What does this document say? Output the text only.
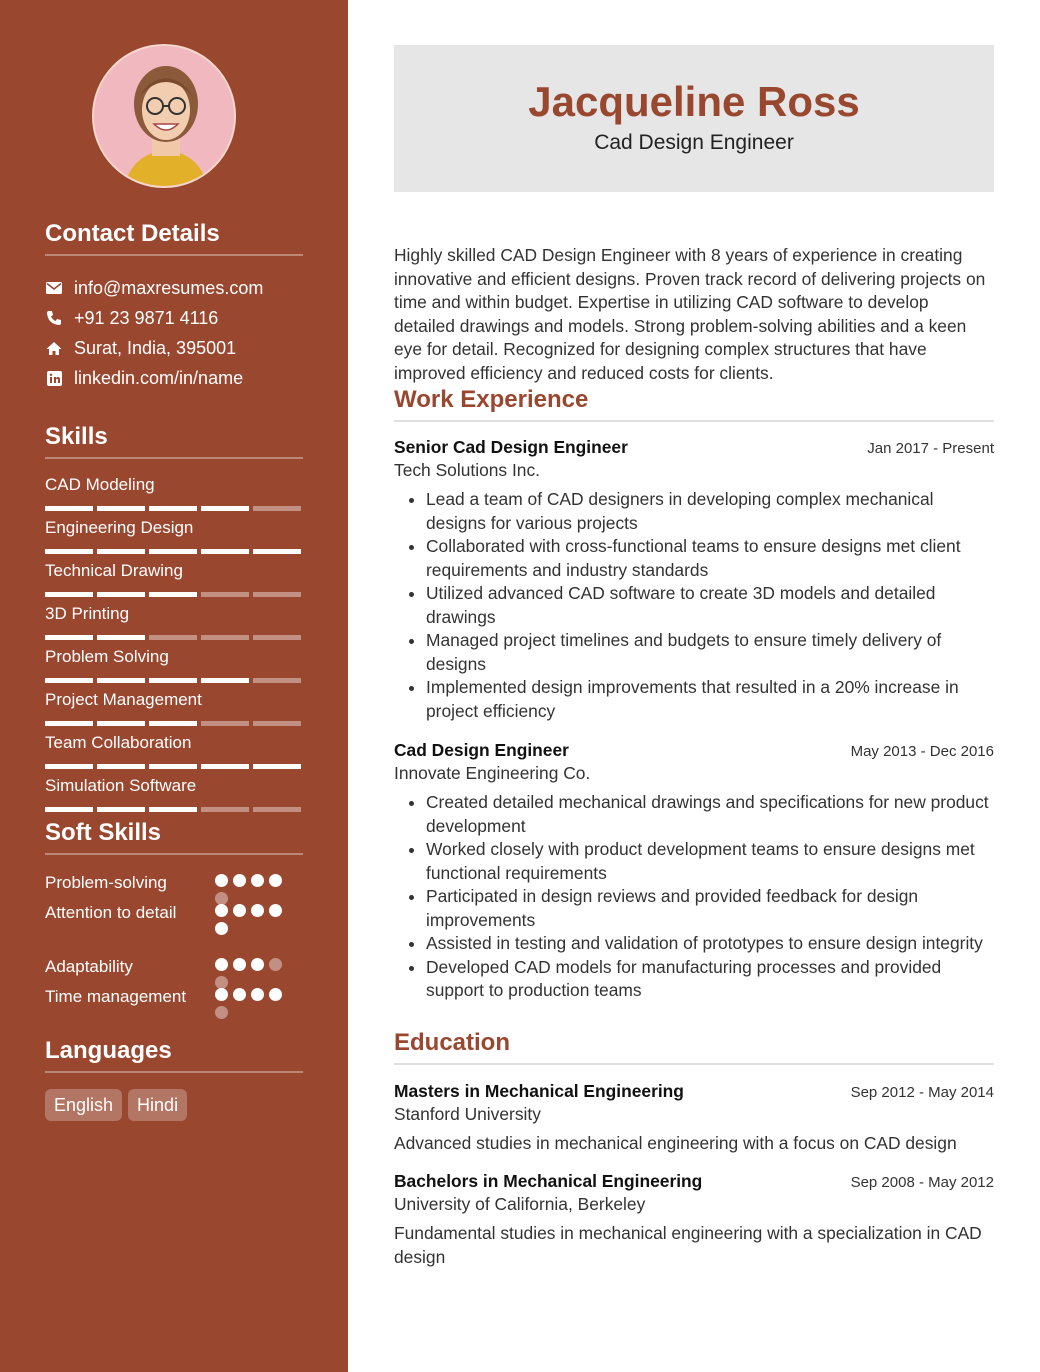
Contact Details
info@maxresumes.com
+91 23 9871 4116
Surat, India, 395001
linkedin.com/in/name
Skills
CAD Modeling
Engineering Design
Technical Drawing
3D Printing
Problem Solving
Project Management
Team Collaboration
Simulation Software
Soft Skills
Problem-solving
Attention to detail
Adaptability
Time management
Languages
English	Hindi
Jacqueline Ross
Cad Design Engineer
Highly skilled CAD Design Engineer with 8 years of experience in creating innovative and efficient designs. Proven track record of delivering projects on time and within budget. Expertise in utilizing CAD software to develop detailed drawings and models. Strong problem-solving abilities and a keen eye for detail. Recognized for designing complex structures that have improved efficiency and reduced costs for clients.
Work Experience
Senior Cad Design Engineer	Jan 2017 - Present
Tech Solutions Inc.
• Lead a team of CAD designers in developing complex mechanical designs for various projects
• Collaborated with cross-functional teams to ensure designs met client requirements and industry standards
• Utilized advanced CAD software to create 3D models and detailed drawings
• Managed project timelines and budgets to ensure timely delivery of designs
• Implemented design improvements that resulted in a 20% increase in project efficiency
Cad Design Engineer	May 2013 - Dec 2016
Innovate Engineering Co.
• Created detailed mechanical drawings and specifications for new product development
• Worked closely with product development teams to ensure designs met functional requirements
• Participated in design reviews and provided feedback for design improvements
• Assisted in testing and validation of prototypes to ensure design integrity
• Developed CAD models for manufacturing processes and provided support to production teams
Education
Masters in Mechanical Engineering	Sep 2012 - May 2014
Stanford University
Advanced studies in mechanical engineering with a focus on CAD design
Bachelors in Mechanical Engineering	Sep 2008 - May 2012
University of California, Berkeley
Fundamental studies in mechanical engineering with a specialization in CAD design
